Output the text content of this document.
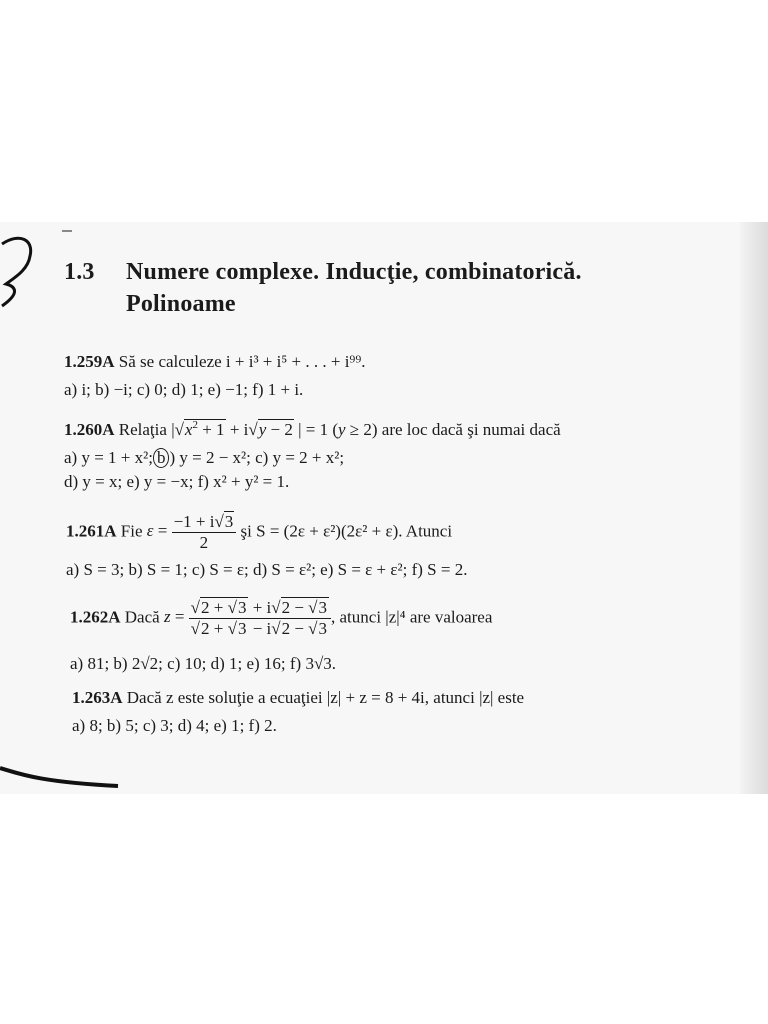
1.3 Numere complexe. Inducţie, combinatorică.
Polinoame
1.259A Să se calculeze i + i³ + i⁵ + . . . + i⁹⁹.
a) i; b) −i; c) 0; d) 1; e) −1; f) 1 + i.
1.260A Relaţia $|√x^2 + 1 + i√y - 2$ | = 1 (y ≥ 2) are loc dacă şi numai dacă
a) y = 1 + x²; b ) y = 2 − x²; c) y = 2 + x²;
d) y = x; e) y = −x; f) x² + y² = 1.
1.261A Fie $\varepsilon = \frac{-1 + i√3}{2}$ şi S = (2ε + ε²)(2ε² + ε). Atunci
a) S = 3; b) S = 1; c) S = ε; d) S = ε²; e) S = ε + ε²; f) S = 2.
1.262A Dacă $z = \frac{√2 + √3 + i√2 - √3}{√2 + √3 - i√2 - √3}$ , atunci |z|⁴ are valoarea
a) 81; b) 2√2; c) 10; d) 1; e) 16; f) 3√3.
1.263A Dacă z este soluţie a ecuaţiei |z| + z = 8 + 4i, atunci |z| este
a) 8; b) 5; c) 3; d) 4; e) 1; f) 2.
